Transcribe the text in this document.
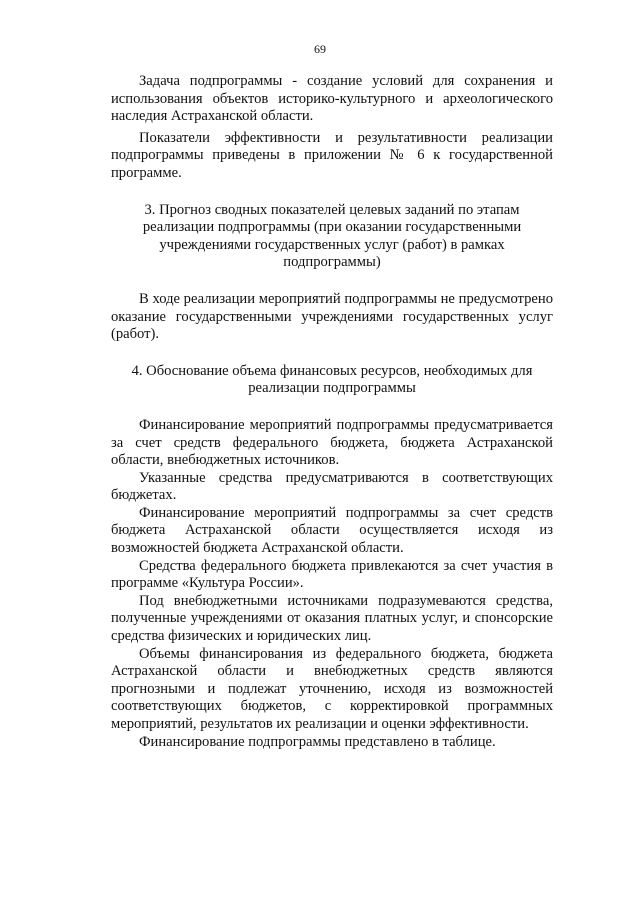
69

Задача подпрограммы - создание условий для сохранения и использования объектов историко-культурного и археологического наследия Астраханской области.

Показатели эффективности и результативности реализации подпрограммы приведены в приложении № 6 к государственной программе.

3. Прогноз сводных показателей целевых заданий по этапам реализации подпрограммы (при оказании государственными учреждениями государственных услуг (работ) в рамках подпрограммы)

В ходе реализации мероприятий подпрограммы не предусмотрено оказание государственными учреждениями государственных услуг (работ).

4. Обоснование объема финансовых ресурсов, необходимых для реализации подпрограммы

Финансирование мероприятий подпрограммы предусматривается за счет средств федерального бюджета, бюджета Астраханской области, внебюджетных источников.

Указанные средства предусматриваются в соответствующих бюджетах.

Финансирование мероприятий подпрограммы за счет средств бюджета Астраханской области осуществляется исходя из возможностей бюджета Астраханской области.

Средства федерального бюджета привлекаются за счет участия в программе «Культура России».

Под внебюджетными источниками подразумеваются средства, полученные учреждениями от оказания платных услуг, и спонсорские средства физических и юридических лиц.

Объемы финансирования из федерального бюджета, бюджета Астраханской области и внебюджетных средств являются прогнозными и подлежат уточнению, исходя из возможностей соответствующих бюджетов, с корректировкой программных мероприятий, результатов их реализации и оценки эффективности.

Финансирование подпрограммы представлено в таблице.
